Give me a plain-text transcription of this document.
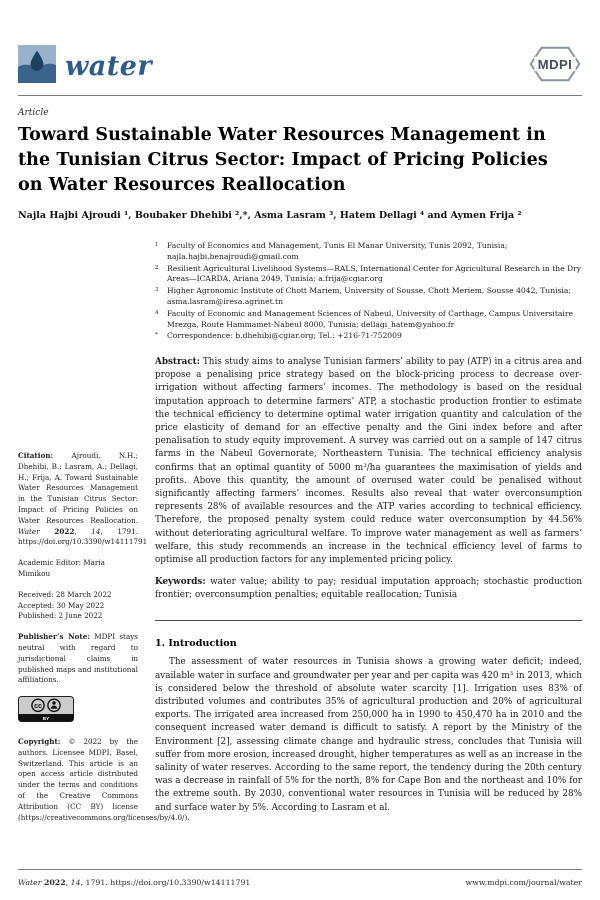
water	MDPI
Article
Toward Sustainable Water Resources Management in the Tunisian Citrus Sector: Impact of Pricing Policies on Water Resources Reallocation
Najla Hajbi Ajroudi ¹, Boubaker Dhehibi ²,*, Asma Lasram ³, Hatem Dellagi ⁴ and Aymen Frija ²

Citation:	Ajroudi, N.H.; Dhehibi, B.; Lasram, A.; Dellagi, H.; Frija, A. Toward Sustainable Water Resources Management in the Tunisian Citrus Sector: Impact of Pricing Policies on Water Resources Reallocation. Water 2022, 14, 1791. https://doi.org/10.3390/w14111791

Academic Editor: Maria Mimikou

Received: 28 March 2022
Accepted: 30 May 2022
Published: 2 June 2022

Publisher’s Note: MDPI stays neutral with regard to jurisdictional claims in published maps and institutional affiliations.

cc
BY

Copyright: © 2022 by the authors. Licensee MDPI, Basel, Switzerland. This article is an open access article distributed under the terms and conditions of the Creative Commons Attribution (CC BY) license (https://creativecommons.org/licenses/by/4.0/).

1	Faculty of Economics and Management, Tunis El Manar University, Tunis 2092, Tunisia; najla.hajbi.benajroudi@gmail.com
2	Resilient Agricultural Livelihood Systems—RALS, International Center for Agricultural Research in the Dry Areas—ICARDA, Ariana 2049, Tunisia; a.frija@cgiar.org
3	Higher Agronomic Institute of Chott Mariem, University of Sousse, Chott Meriem, Sousse 4042, Tunisia; asma.lasram@iresa.agrinet.tn
4	Faculty of Economic and Management Sciences of Nabeul, University of Carthage, Campus Universitaire Mrezga, Route Hammamet-Nabeul 8000, Tunisia; dellagi_hatem@yahoo.fr
*	Correspondence: b.dhehibi@cgiar.org; Tel.: +216-71-752009

Abstract: This study aims to analyse Tunisian farmers’ ability to pay (ATP) in a citrus area and propose a penalising price strategy based on the block-pricing process to decrease over-irrigation without affecting farmers’ incomes. The methodology is based on the residual imputation approach to determine farmers’ ATP, a stochastic production frontier to estimate the technical efficiency to determine optimal water irrigation quantity and calculation of the price elasticity of demand for an effective penalty and the Gini index before and after penalisation to study equity improvement. A survey was carried out on a sample of 147 citrus farms in the Nabeul Governorate, Northeastern Tunisia. The technical efficiency analysis confirms that an optimal quantity of 5000 m³/ha guarantees the maximisation of yields and profits. Above this quantity, the amount of overused water could be penalised without significantly affecting farmers’ incomes. Results also reveal that water overconsumption represents 28% of available resources and the ATP varies according to technical efficiency. Therefore, the proposed penalty system could reduce water overconsumption by 44.56% without deteriorating agricultural welfare. To improve water management as well as farmers’ welfare, this study recommends an increase in the technical efficiency level of farms to optimise all production factors for any implemented pricing policy.

Keywords: water value; ability to pay; residual imputation approach; stochastic production frontier; overconsumption penalties; equitable reallocation; Tunisia

1. Introduction

The assessment of water resources in Tunisia shows a growing water deficit; indeed, available water in surface and groundwater per year and per capita was 420 m³ in 2013, which is considered below the threshold of absolute water scarcity [1]. Irrigation uses 83% of distributed volumes and contributes 35% of agricultural production and 20% of agricultural exports. The irrigated area increased from 250,000 ha in 1990 to 450,470 ha in 2010 and the consequent increased water demand is difficult to satisfy. A report by the Ministry of the Environment [2], assessing climate change and hydraulic stress, concludes that Tunisia will suffer from more erosion, increased drought, higher temperatures as well as an increase in the salinity of water reserves. According to the same report, the tendency during the 20th century was a decrease in rainfall of 5% for the north, 8% for Cape Bon and the northeast and 10% for the extreme south. By 2030, conventional water resources in Tunisia will be reduced by 28% and surface water by 5%. According to Lasram et al.

Water 2022, 14, 1791. https://doi.org/10.3390/w14111791	www.mdpi.com/journal/water
